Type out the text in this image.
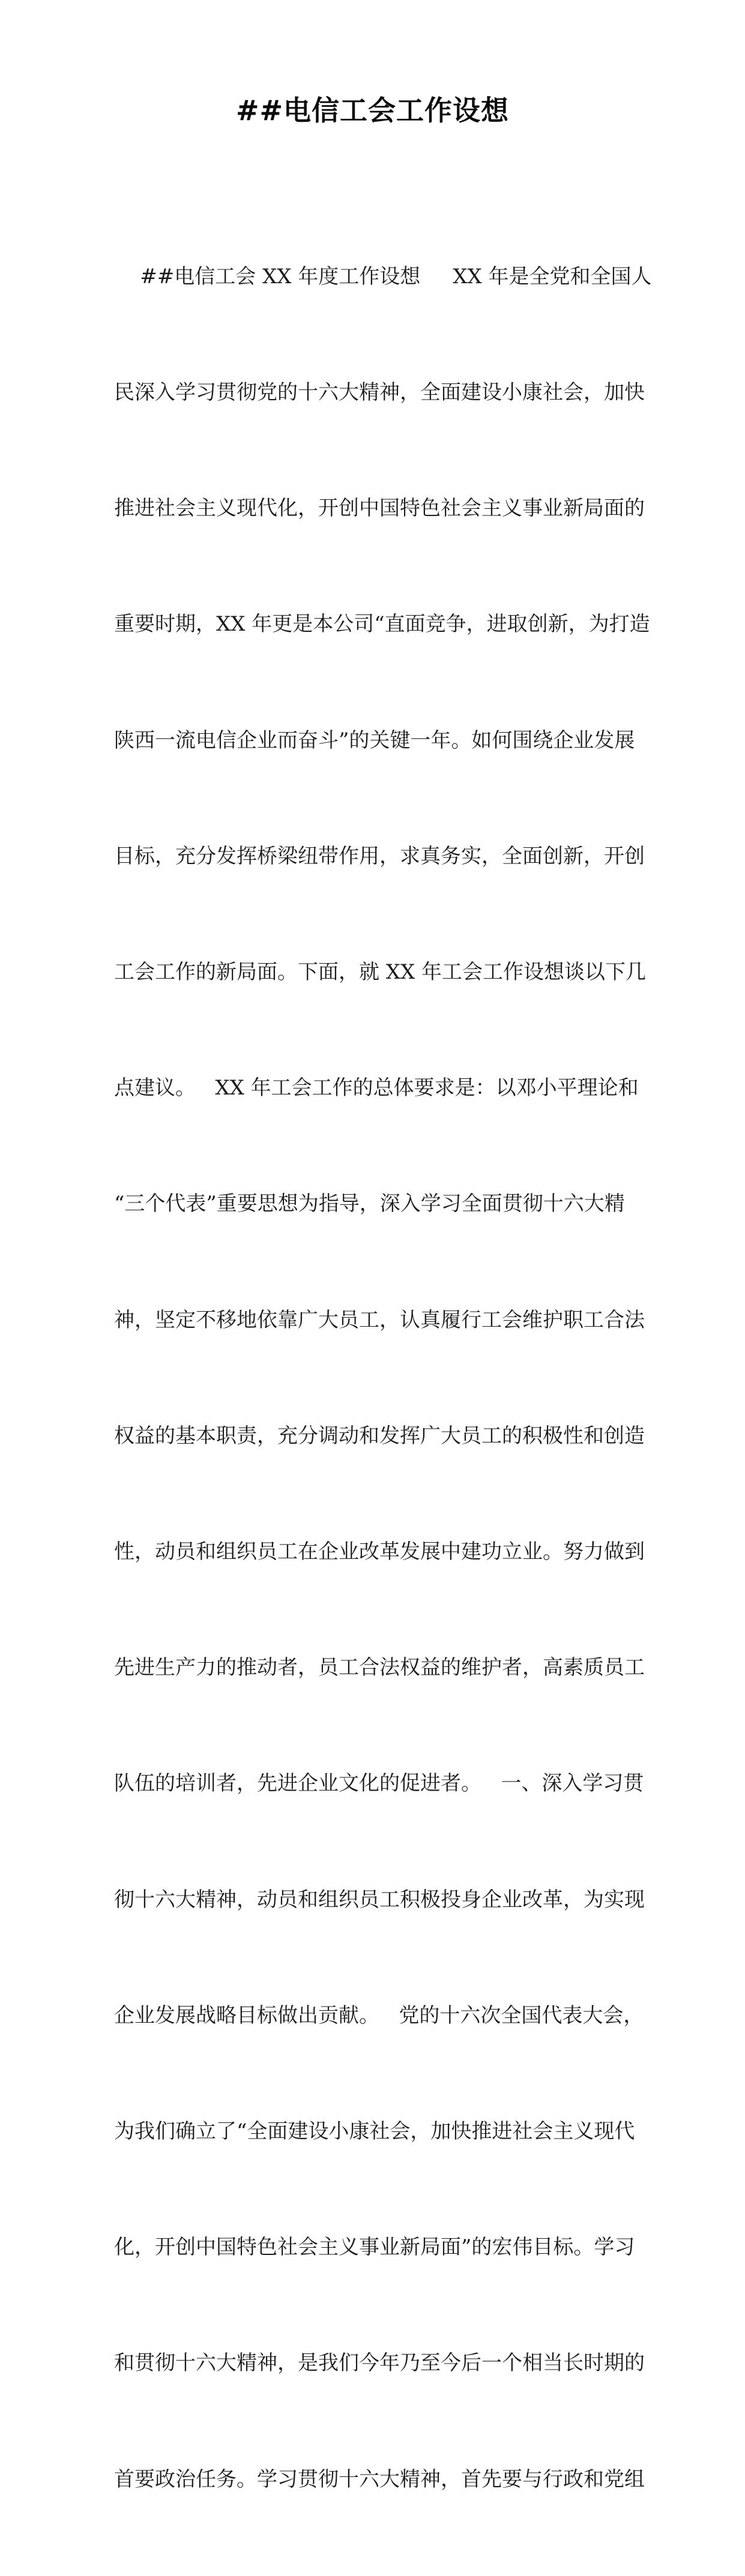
##电信工会工作设想

##电信工会 XX 年度工作设想     XX 年是全党和全国人

民深入学习贯彻党的十六大精神，全面建设小康社会，加快

推进社会主义现代化，开创中国特色社会主义事业新局面的

重要时期，XX 年更是本公司“直面竞争，进取创新，为打造

陕西一流电信企业而奋斗”的关键一年。如何围绕企业发展

目标，充分发挥桥梁纽带作用，求真务实，全面创新，开创

工会工作的新局面。下面，就 XX 年工会工作设想谈以下几

点建议。   XX 年工会工作的总体要求是：以邓小平理论和

“三个代表”重要思想为指导，深入学习全面贯彻十六大精

神，坚定不移地依靠广大员工，认真履行工会维护职工合法

权益的基本职责，充分调动和发挥广大员工的积极性和创造

性，动员和组织员工在企业改革发展中建功立业。努力做到

先进生产力的推动者，员工合法权益的维护者，高素质员工

队伍的培训者，先进企业文化的促进者。   一、深入学习贯

彻十六大精神，动员和组织员工积极投身企业改革，为实现

企业发展战略目标做出贡献。   党的十六次全国代表大会，

为我们确立了“全面建设小康社会，加快推进社会主义现代

化，开创中国特色社会主义事业新局面”的宏伟目标。学习

和贯彻十六大精神，是我们今年乃至今后一个相当长时期的

首要政治任务。学习贯彻十六大精神，首先要与行政和党组
